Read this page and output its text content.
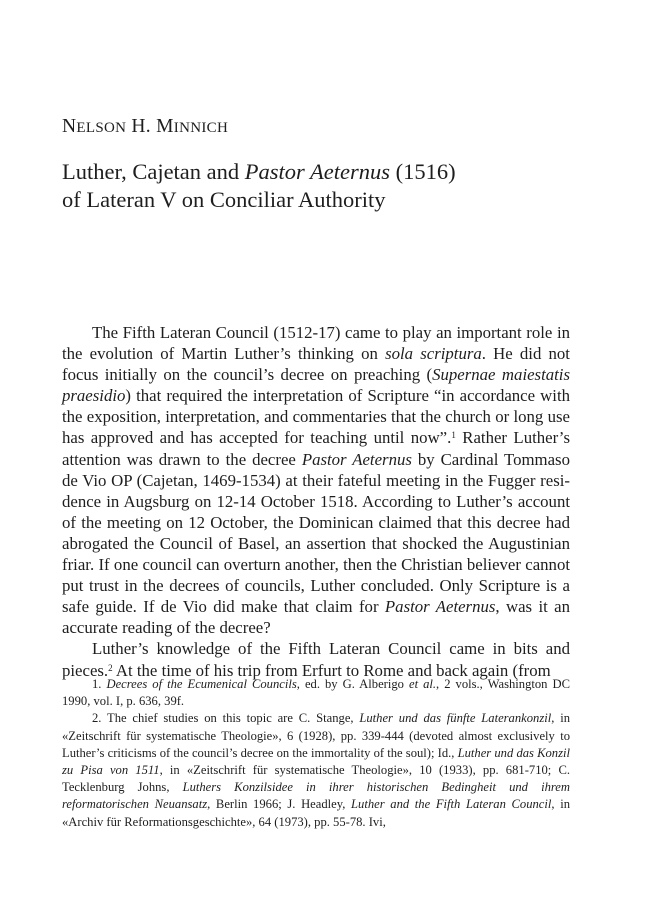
NELSON H. MINNICH
Luther, Cajetan and Pastor Aeternus (1516)
of Lateran V on Conciliar Authority

The Fifth Lateran Council (1512-17) came to play an important role in the evolution of Martin Luther’s thinking on sola scriptura. He did not focus initially on the council’s decree on preaching (Supernae maiestatis praesidio) that required the interpretation of Scripture “in accordance with the exposition, interpretation, and commentaries that the church or long use has approved and has accepted for teaching until now”.$^1$ Rather Luther’s attention was drawn to the decree Pastor Aeternus by Cardinal Tommaso de Vio OP (Cajetan, 1469-1534) at their fateful meeting in the Fugger residence in Augsburg on 12-14 October 1518. According to Luther’s account of the meeting on 12 October, the Dominican claimed that this decree had abrogated the Council of Basel, an assertion that shocked the Augustinian friar. If one council can overturn another, then the Christian believer cannot put trust in the decrees of councils, Luther concluded. Only Scripture is a safe guide. If de Vio did make that claim for Pastor Aeternus, was it an accurate reading of the decree?

Luther’s knowledge of the Fifth Lateran Council came in bits and pieces.$^2$ At the time of his trip from Erfurt to Rome and back again (from

1. Decrees of the Ecumenical Councils, ed. by G. Alberigo et al., 2 vols., Washington DC 1990, vol. I, p. 636, 39f.

2. The chief studies on this topic are C. Stange, Luther und das fünfte Laterankonzil, in «Zeitschrift für systematische Theologie», 6 (1928), pp. 339-444 (devoted almost exclusively to Luther’s criticisms of the council’s decree on the immortality of the soul); Id., Luther und das Konzil zu Pisa von 1511, in «Zeitschrift für systematische Theologie», 10 (1933), pp. 681-710; C. Tecklenburg Johns, Luthers Konzilsidee in ihrer historischen Bedingheit und ihrem reformatorischen Neuansatz, Berlin 1966; J. Headley, Luther and the Fifth Lateran Council, in «Archiv für Reformationsgeschichte», 64 (1973), pp. 55-78. Ivi,
